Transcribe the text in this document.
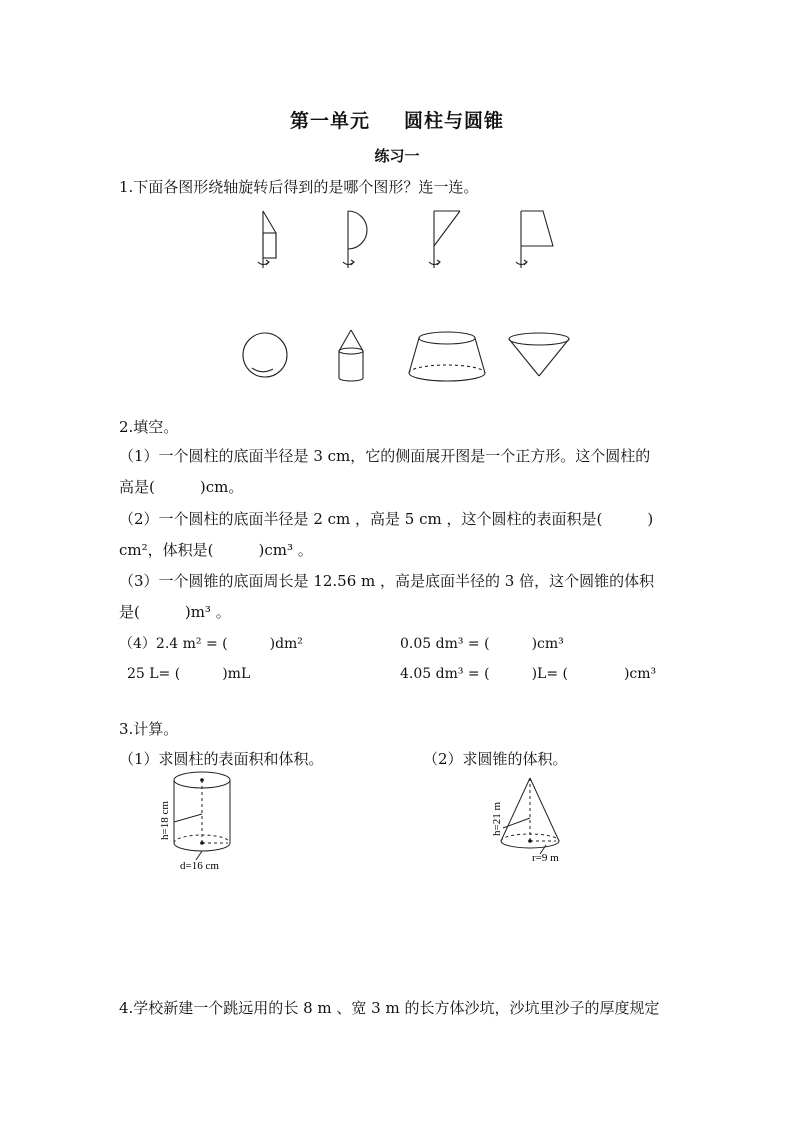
第一单元 圆柱与圆锥
练习一
1.下面各图形绕轴旋转后得到的是哪个图形？连一连。
2.填空。
（1）一个圆柱的底面半径是 3 cm，它的侧面展开图是一个正方形。这个圆柱的
高是(　　　)cm。
（2）一个圆柱的底面半径是 2 cm ，高是 5 cm ，这个圆柱的表面积是(　　　)
cm²，体积是(　　　)cm³ 。
（3）一个圆锥的底面周长是 12.56 m ，高是底面半径的 3 倍，这个圆锥的体积
是(　　　)m³ 。
（4）2.4 m² = (　　　)dm²	0.05 dm³ = (　　　)cm³
25 L= (　　　)mL	4.05 dm³ = (　　　)L= (　　　　)cm³
3.计算。
（1）求圆柱的表面积和体积。	（2）求圆锥的体积。
h=18 cm
d=16 cm
h=21 m
r=9 m
4.学校新建一个跳远用的长 8 m 、宽 3 m 的长方体沙坑，沙坑里沙子的厚度规定
